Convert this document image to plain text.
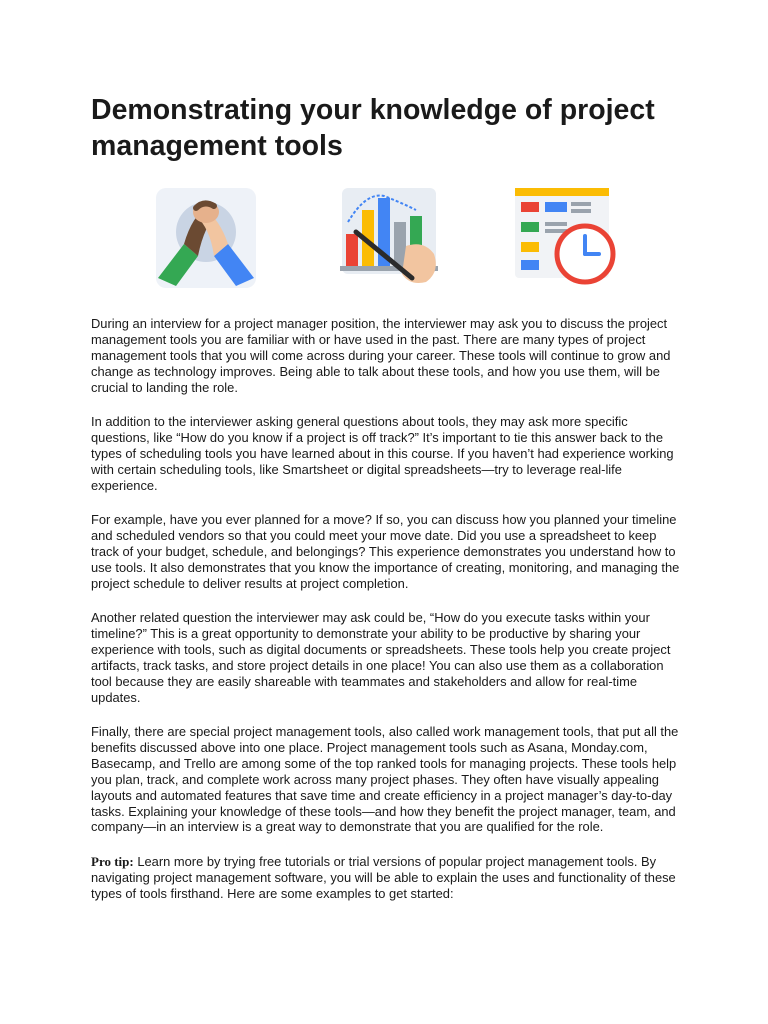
Demonstrating your knowledge of project management tools

During an interview for a project manager position, the interviewer may ask you to discuss the project management tools you are familiar with or have used in the past. There are many types of project management tools that you will come across during your career. These tools will continue to grow and change as technology improves. Being able to talk about these tools, and how you use them, will be crucial to landing the role.

In addition to the interviewer asking general questions about tools, they may ask more specific questions, like “How do you know if a project is off track?” It’s important to tie this answer back to the types of scheduling tools you have learned about in this course. If you haven’t had experience working with certain scheduling tools, like Smartsheet or digital spreadsheets—try to leverage real-life experience.

For example, have you ever planned for a move? If so, you can discuss how you planned your timeline and scheduled vendors so that you could meet your move date. Did you use a spreadsheet to keep track of your budget, schedule, and belongings? This experience demonstrates you understand how to use tools. It also demonstrates that you know the importance of creating, monitoring, and managing the project schedule to deliver results at project completion.

Another related question the interviewer may ask could be, “How do you execute tasks within your timeline?” This is a great opportunity to demonstrate your ability to be productive by sharing your experience with tools, such as digital documents or spreadsheets. These tools help you create project artifacts, track tasks, and store project details in one place! You can also use them as a collaboration tool because they are easily shareable with teammates and stakeholders and allow for real-time updates.

Finally, there are special project management tools, also called work management tools, that put all the benefits discussed above into one place. Project management tools such as Asana, Monday.com, Basecamp, and Trello are among some of the top ranked tools for managing projects. These tools help you plan, track, and complete work across many project phases. They often have visually appealing layouts and automated features that save time and create efficiency in a project manager’s day-to-day tasks. Explaining your knowledge of these tools—and how they benefit the project manager, team, and company—in an interview is a great way to demonstrate that you are qualified for the role.

Pro tip: Learn more by trying free tutorials or trial versions of popular project management tools. By navigating project management software, you will be able to explain the uses and functionality of these types of tools firsthand. Here are some examples to get started:
